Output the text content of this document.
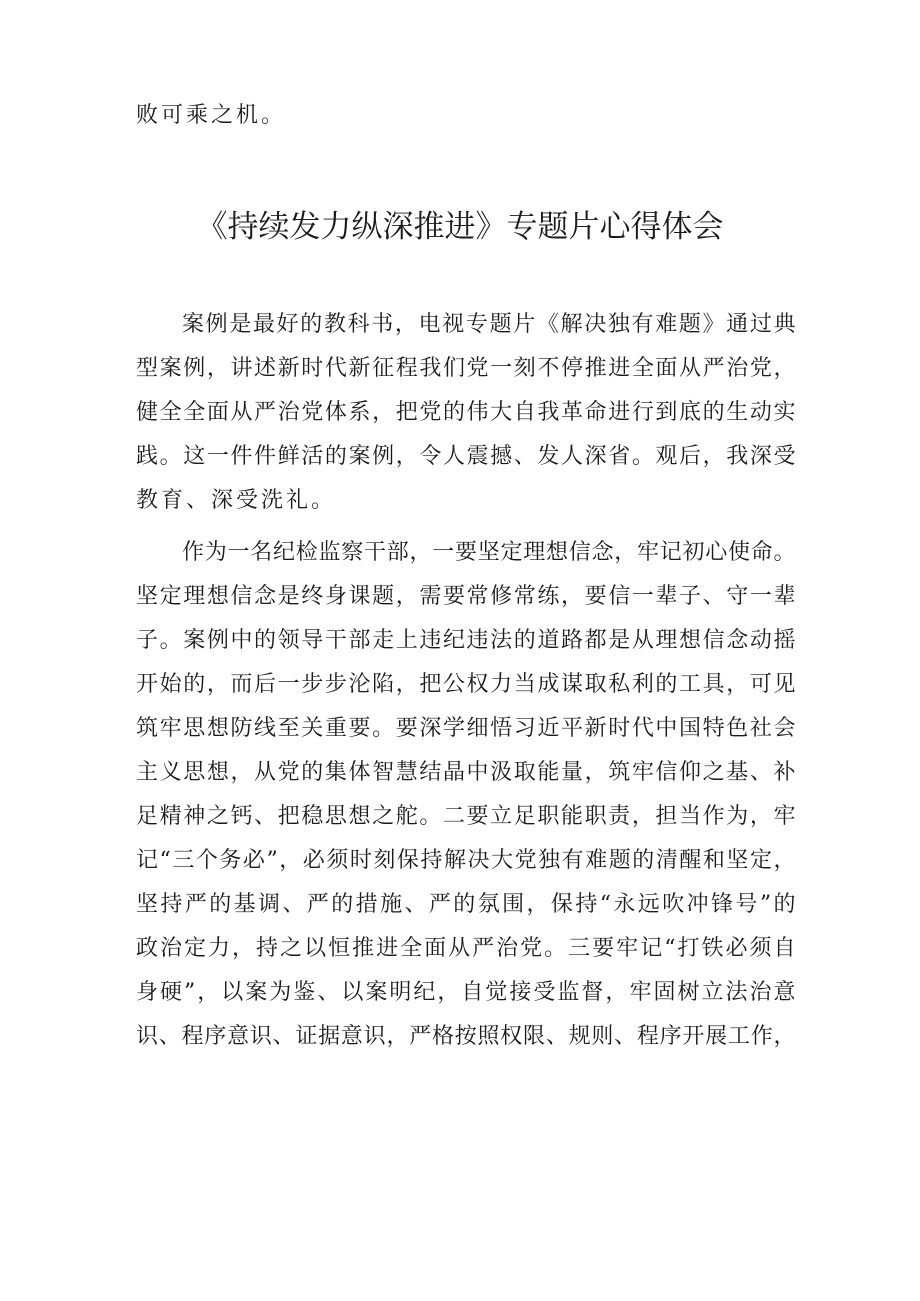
败可乘之机。
《持续发力纵深推进》专题片心得体会
案例是最好的教科书，电视专题片《解决独有难题》通过典
型案例，讲述新时代新征程我们党一刻不停推进全面从严治党，
健全全面从严治党体系，把党的伟大自我革命进行到底的生动实
践。这一件件鲜活的案例，令人震撼、发人深省。观后，我深受
教育、深受洗礼。
作为一名纪检监察干部，一要坚定理想信念，牢记初心使命。
坚定理想信念是终身课题，需要常修常练，要信一辈子、守一辈
子。案例中的领导干部走上违纪违法的道路都是从理想信念动摇
开始的，而后一步步沦陷，把公权力当成谋取私利的工具，可见
筑牢思想防线至关重要。要深学细悟习近平新时代中国特色社会
主义思想，从党的集体智慧结晶中汲取能量，筑牢信仰之基、补
足精神之钙、把稳思想之舵。二要立足职能职责，担当作为，牢
记“三个务必”，必须时刻保持解决大党独有难题的清醒和坚定，
坚持严的基调、严的措施、严的氛围，保持“永远吹冲锋号”的
政治定力，持之以恒推进全面从严治党。三要牢记“打铁必须自
身硬”，以案为鉴、以案明纪，自觉接受监督，牢固树立法治意
识、程序意识、证据意识，严格按照权限、规则、程序开展工作，
